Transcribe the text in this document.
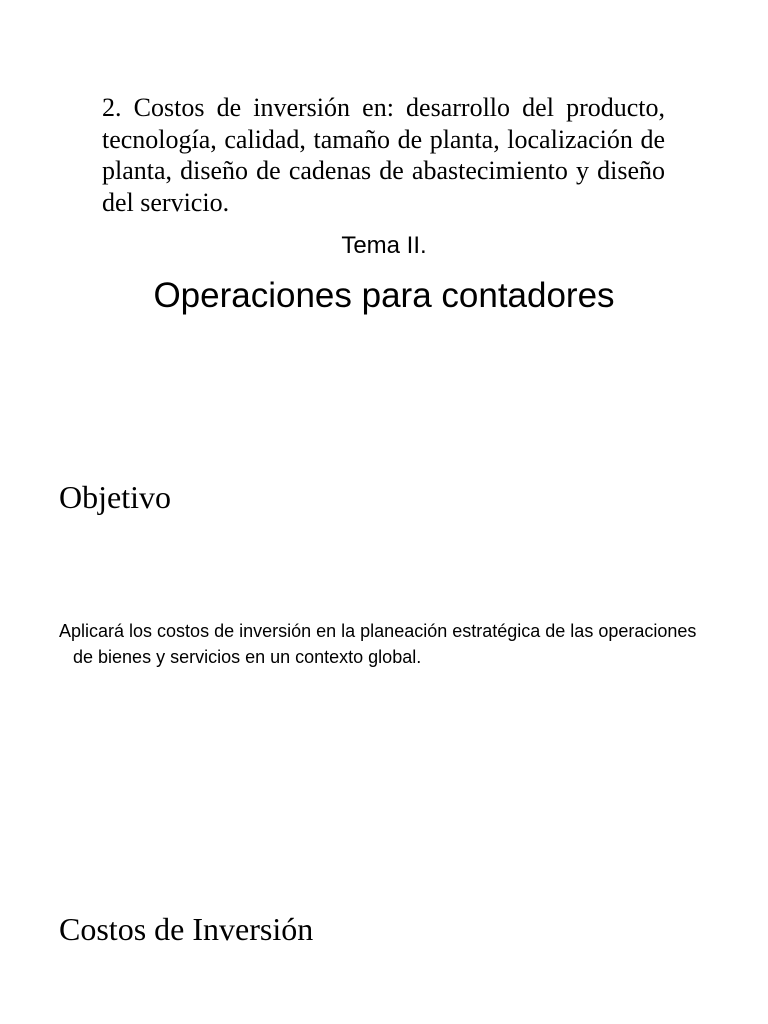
2. Costos de inversión en: desarrollo del producto, tecnología, calidad, tamaño de planta, localización de planta, diseño de cadenas de abastecimiento y diseño del servicio.

Tema II.

Operaciones para contadores
Objetivo

Aplicará los costos de inversión en la planeación estratégica de las operaciones de bienes y servicios en un contexto global.

Costos de Inversión
